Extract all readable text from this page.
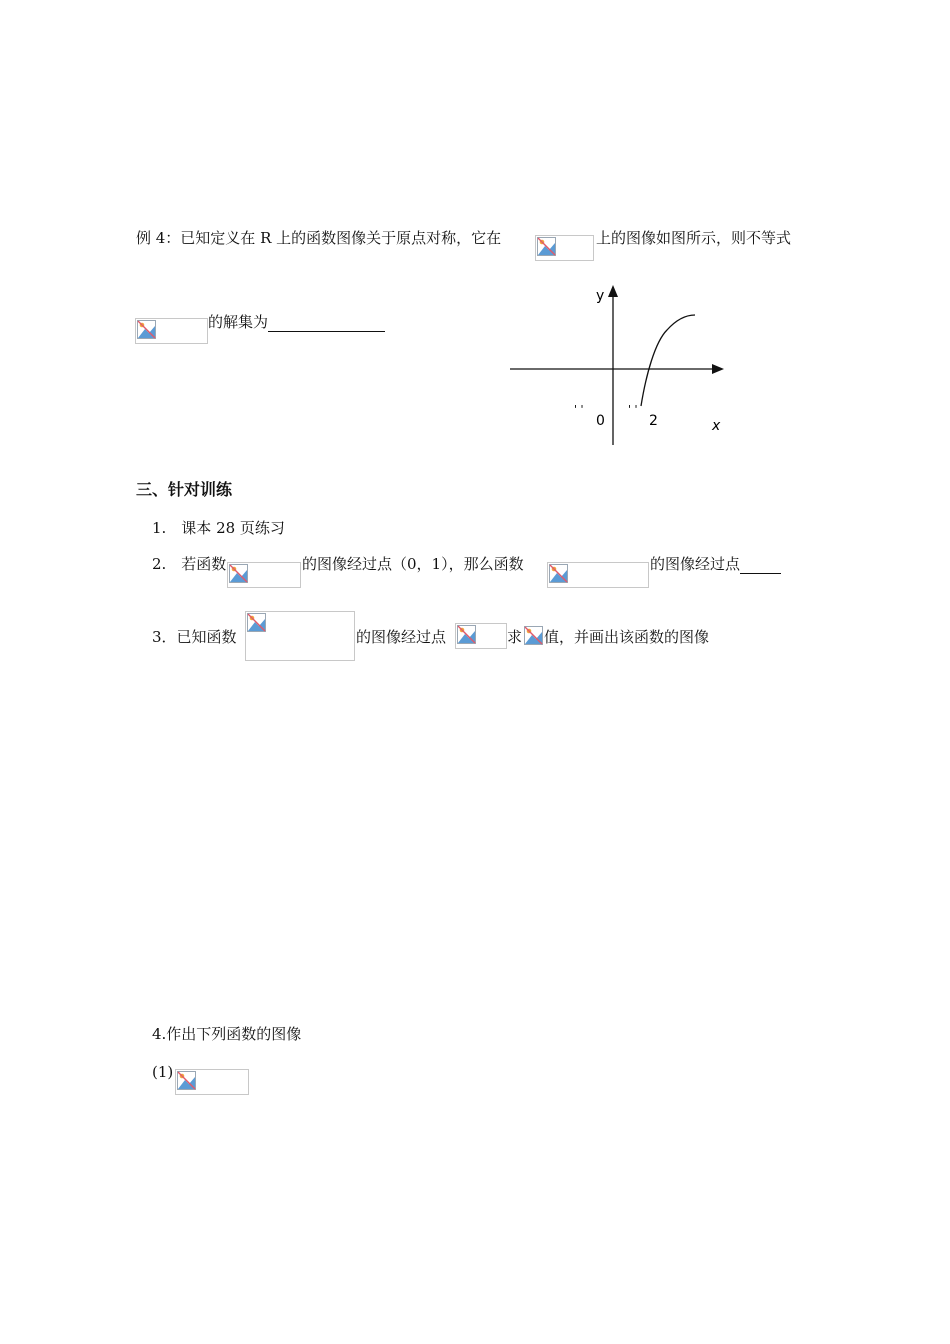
例 4：已知定义在 R 上的函数图像关于原点对称，它在	上的图像如图所示，则不等式
的解集为
y
x
0	2
' '	' '
三、针对训练
1.　课本 28 页练习
2.　若函数	的图像经过点（0，1），那么函数	的图像经过点
3．已知函数	的图像经过点	求 值，并画出该函数的图像
4.作出下列函数的图像
(1)
